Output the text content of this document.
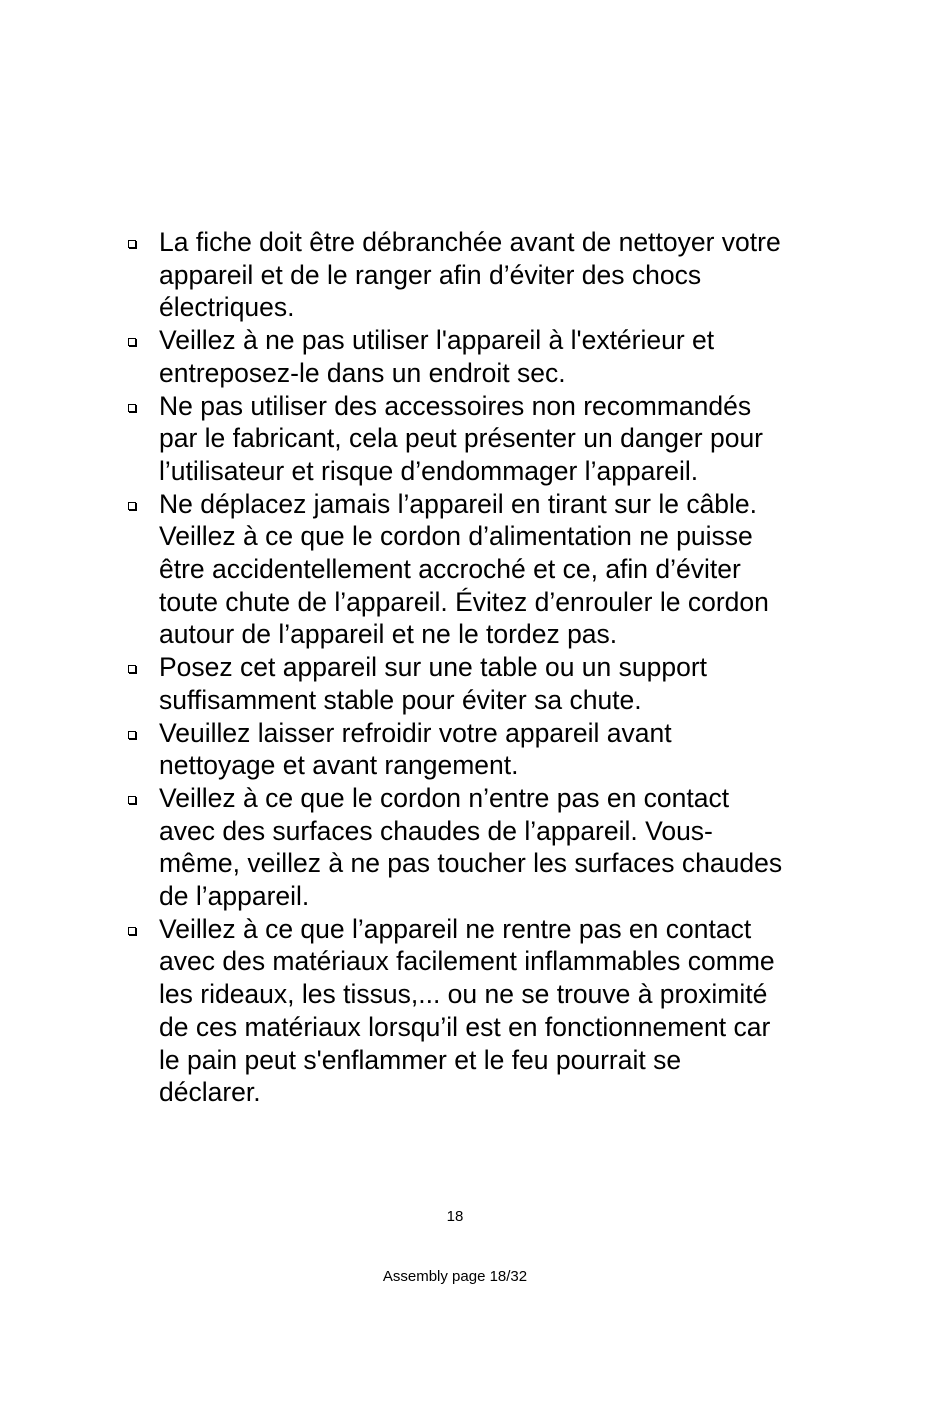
La fiche doit être débranchée avant de nettoyer votre appareil et de le ranger afin d’éviter des chocs électriques.
Veillez à ne pas utiliser l'appareil à l'extérieur et entreposez-le dans un endroit sec.
Ne pas utiliser des accessoires non recommandés par le fabricant, cela peut présenter un danger pour l’utilisateur et risque d’endommager l’appareil.
Ne déplacez jamais l’appareil en tirant sur le câble. Veillez à ce que le cordon d’alimentation ne puisse être accidentellement accroché et ce, afin d’éviter toute chute de l’appareil. Évitez d’enrouler le cordon autour de l’appareil et ne le tordez pas.
Posez cet appareil sur une table ou un support suffisamment stable pour éviter sa chute.
Veuillez laisser refroidir votre appareil avant nettoyage et avant rangement.
Veillez à ce que le cordon n’entre pas en contact avec des surfaces chaudes de l’appareil. Vous-même, veillez à ne pas toucher les surfaces chaudes de l’appareil.
Veillez à ce que l’appareil ne rentre pas en contact avec des matériaux facilement inflammables comme les rideaux, les tissus,... ou ne se trouve à proximité de ces matériaux lorsqu’il est en fonctionnement car le pain peut s'enflammer et le feu pourrait se déclarer.
18
Assembly page 18/32
